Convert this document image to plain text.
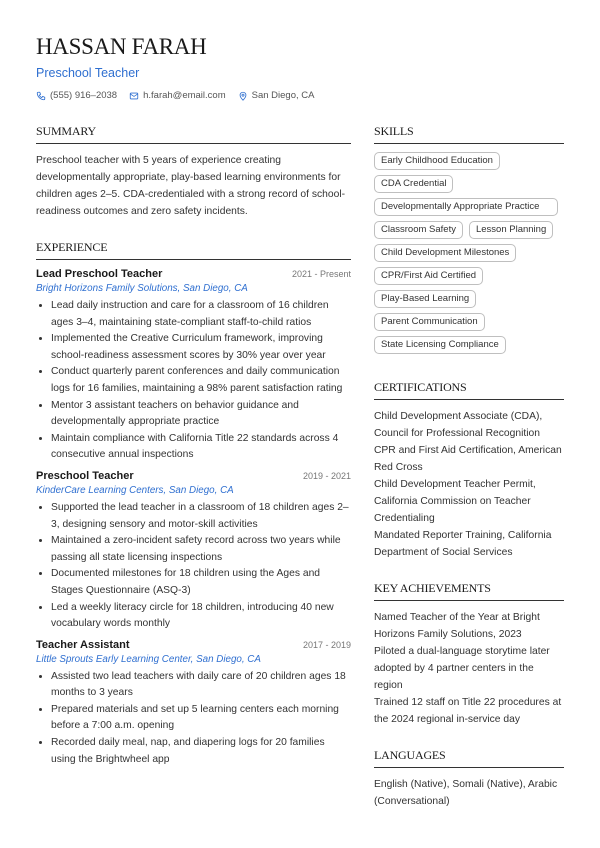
HASSAN FARAH
Preschool Teacher
(555) 916–2038	h.farah@email.com	San Diego, CA
SUMMARY

Preschool teacher with 5 years of experience creating developmentally appropriate, play-based learning environments for children ages 2–5. CDA-credentialed with a strong record of school-readiness outcomes and zero safety incidents.

EXPERIENCE
Lead Preschool Teacher	2021 - Present
Bright Horizons Family Solutions, San Diego, CA
• Lead daily instruction and care for a classroom of 16 children ages 3–4, maintaining state-compliant staff-to-child ratios
• Implemented the Creative Curriculum framework, improving school-readiness assessment scores by 30% year over year
• Conduct quarterly parent conferences and daily communication logs for 16 families, maintaining a 98% parent satisfaction rating
• Mentor 3 assistant teachers on behavior guidance and developmentally appropriate practice
• Maintain compliance with California Title 22 standards across 4 consecutive annual inspections
Preschool Teacher	2019 - 2021
KinderCare Learning Centers, San Diego, CA
• Supported the lead teacher in a classroom of 18 children ages 2–3, designing sensory and motor-skill activities
• Maintained a zero-incident safety record across two years while passing all state licensing inspections
• Documented milestones for 18 children using the Ages and Stages Questionnaire (ASQ-3)
• Led a weekly literacy circle for 18 children, introducing 40 new vocabulary words monthly
Teacher Assistant	2017 - 2019
Little Sprouts Early Learning Center, San Diego, CA
• Assisted two lead teachers with daily care of 20 children ages 18 months to 3 years
• Prepared materials and set up 5 learning centers each morning before a 7:00 a.m. opening
• Recorded daily meal, nap, and diapering logs for 20 families using the Brightwheel app
SKILLS
Early Childhood Education
CDA Credential
Developmentally Appropriate Practice
Classroom Safety	Lesson Planning
Child Development Milestones
CPR/First Aid Certified
Play-Based Learning
Parent Communication
State Licensing Compliance
CERTIFICATIONS
Child Development Associate (CDA), Council for Professional Recognition
CPR and First Aid Certification, American Red Cross
Child Development Teacher Permit, California Commission on Teacher Credentialing
Mandated Reporter Training, California Department of Social Services
KEY ACHIEVEMENTS
Named Teacher of the Year at Bright Horizons Family Solutions, 2023
Piloted a dual-language storytime later adopted by 4 partner centers in the region
Trained 12 staff on Title 22 procedures at the 2024 regional in-service day
LANGUAGES
English (Native), Somali (Native), Arabic (Conversational)
